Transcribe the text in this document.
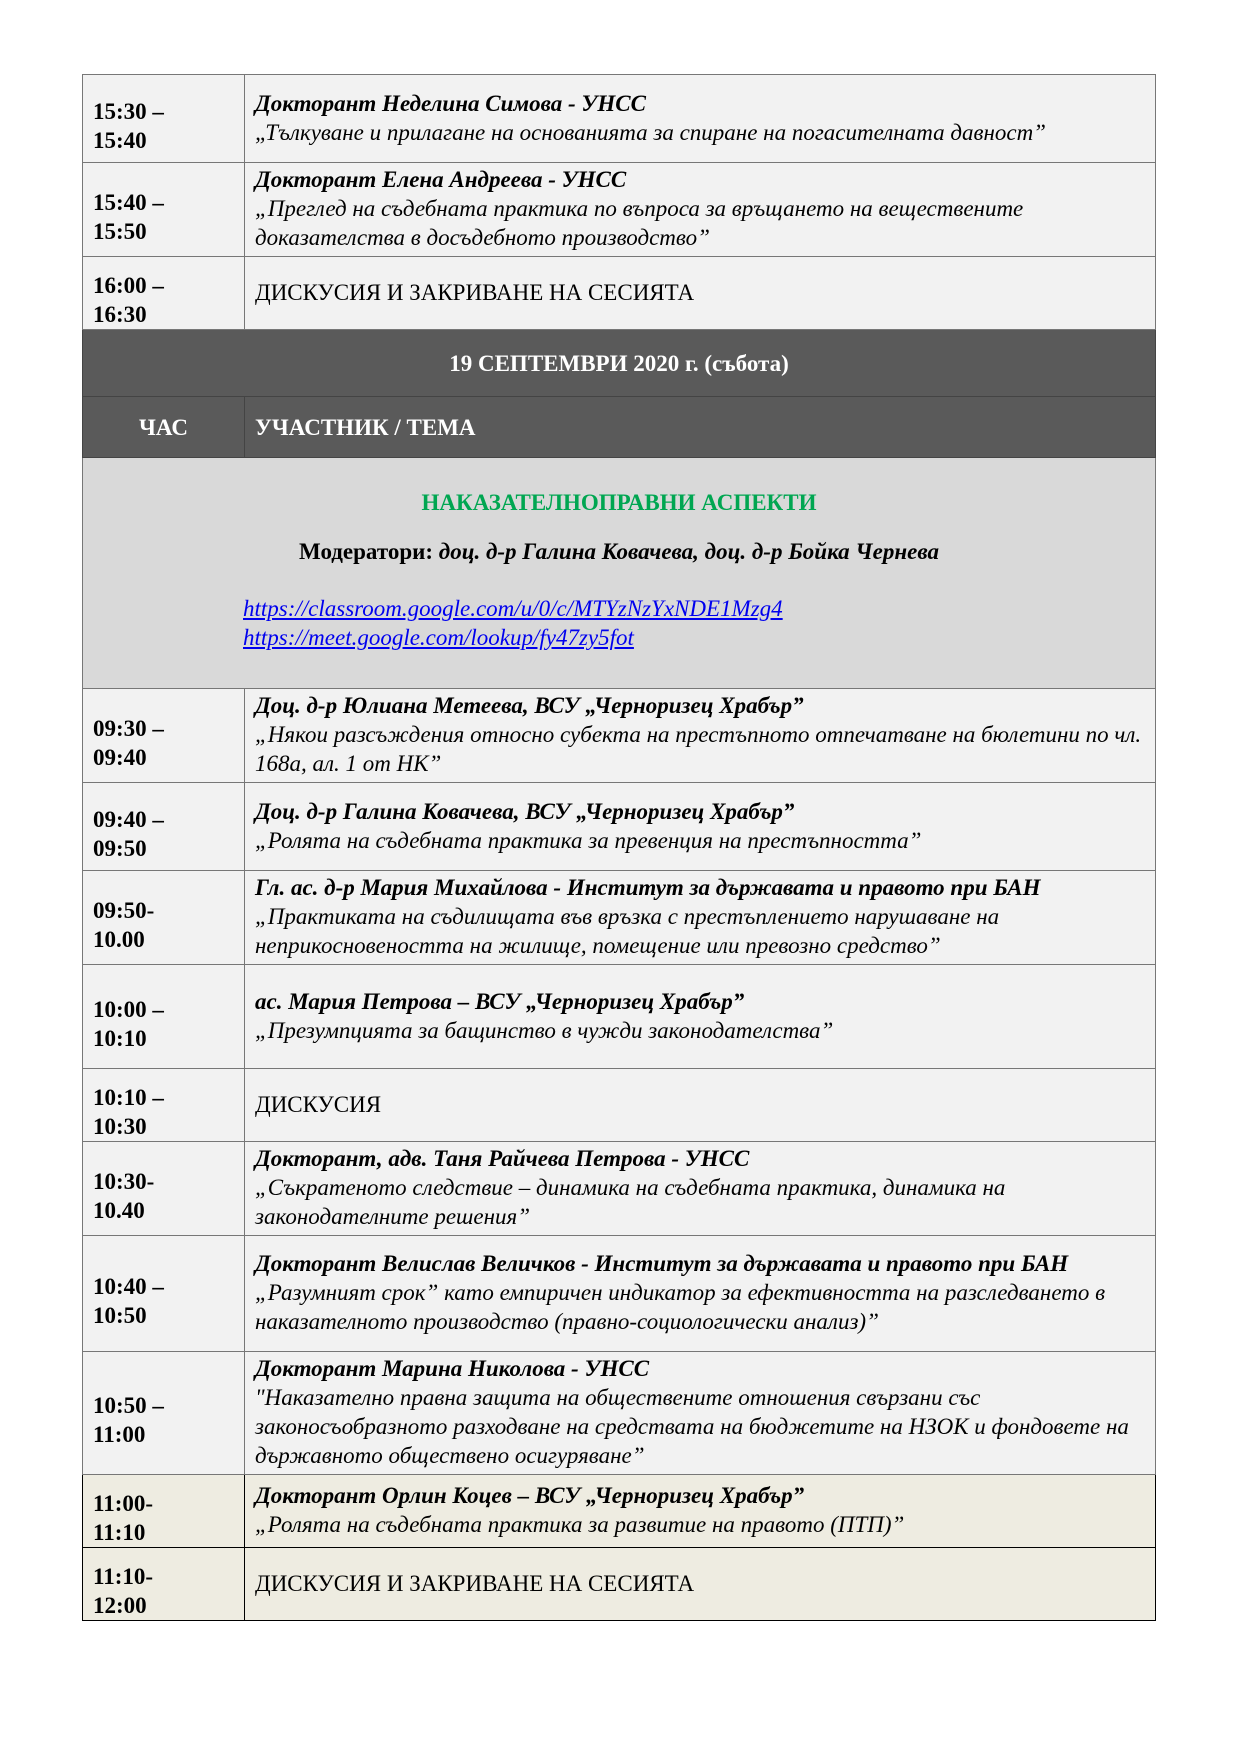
15:30 –
15:40	Докторант Неделина Симова - УНСС
„Тълкуване и прилагане на основанията за спиране на погасителната давност”

15:40 –
15:50	Докторант Елена Андреева - УНСС
„Преглед на съдебната практика по въпроса за връщането на веществените доказателства в досъдебното производство”

16:00 –
16:30	ДИСКУСИЯ И ЗАКРИВАНЕ НА СЕСИЯТА

19 СЕПТЕМВРИ 2020 г. (събота)	
ЧАС	УЧАСТНИК / ТЕМА

НАКАЗАТЕЛНОПРАВНИ АСПЕКТИ
Модератори: доц. д-р Галина Ковачева, доц. д-р Бойка Чернева
https://classroom.google.com/u/0/c/MTYzNzYxNDE1Mzg4
https://meet.google.com/lookup/fy47zy5fot	

09:30 –
09:40	Доц. д-р Юлиана Метеева, ВСУ „Черноризец Храбър”
„Някои разсъждения относно субекта на престъпното отпечатване на бюлетини по чл. 168а, ал. 1 от НК”

09:40 –
09:50	Доц. д-р Галина Ковачева, ВСУ „Черноризец Храбър”
„Ролята на съдебната практика за превенция на престъпността”

09:50-
10.00	Гл. ас. д-р Мария Михайлова - Институт за държавата и правото при БАН
„Практиката на съдилищата във връзка с престъплението нарушаване на неприкосновеността на жилище, помещение или превозно средство”

10:00 –
10:10	ас. Мария Петрова – ВСУ „Черноризец Храбър”
„Презумпцията за бащинство в чужди законодателства”

10:10 –
10:30	ДИСКУСИЯ

10:30-
10.40	Докторант, адв. Таня Райчева Петрова - УНСС
„Съкратеното следствие – динамика на съдебната практика, динамика на законодателните решения”

10:40 –
10:50	Докторант Велислав Величков - Институт за държавата и правото при БАН
„Разумният срок” като емпиричен индикатор за ефективността на разследването в наказателното производство (правно-социологически анализ)”

10:50 –
11:00	Докторант Марина Николова - УНСС
"Наказателно правна защита на обществените отношения свързани със законосъобразното разходване на средствата на бюджетите на НЗОК и фондовете на държавното обществено осигуряване”

11:00-
11:10	Докторант Орлин Коцев – ВСУ „Черноризец Храбър”
„Ролята на съдебната практика за развитие на правото (ПТП)”

11:10-
12:00	ДИСКУСИЯ И ЗАКРИВАНЕ НА СЕСИЯТА
